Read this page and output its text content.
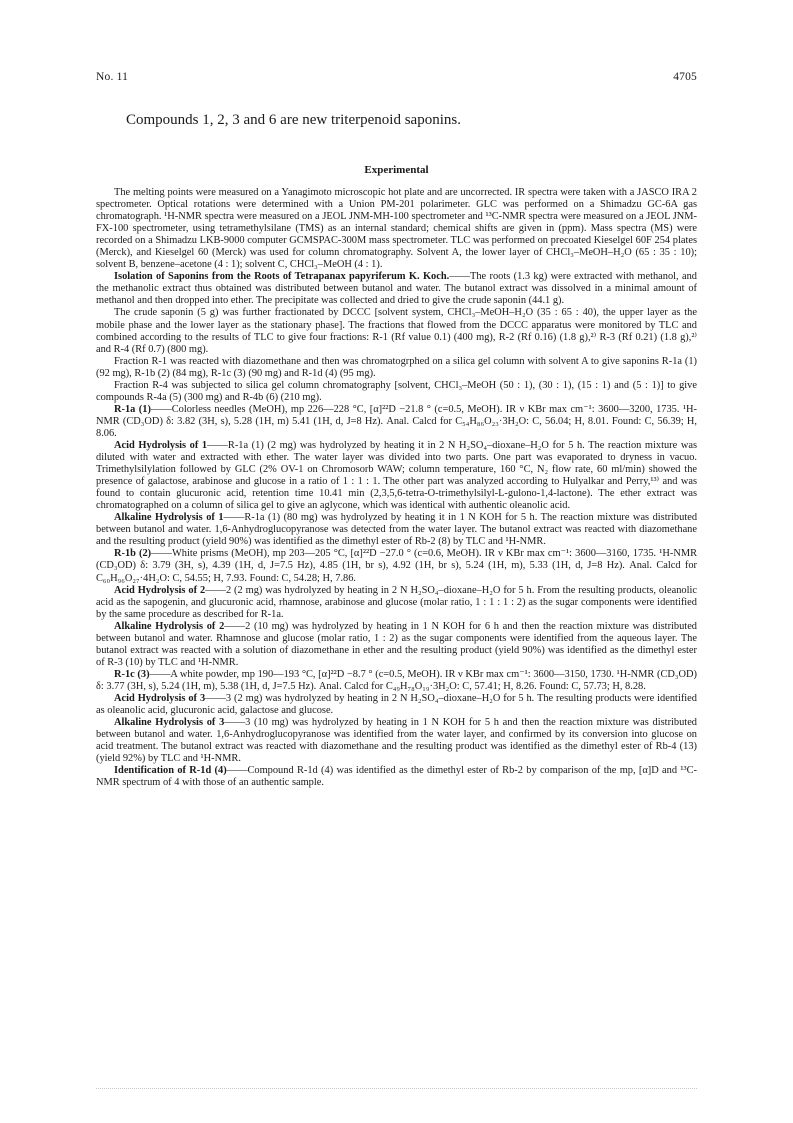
No. 11	4705
Compounds 1, 2, 3 and 6 are new triterpenoid saponins.
Experimental

The melting points were measured on a Yanagimoto microscopic hot plate and are uncorrected. IR spectra were taken with a JASCO IRA 2 spectrometer. Optical rotations were determined with a Union PM-201 polarimeter. GLC was performed on a Shimadzu GC-6A gas chromatograph. ¹H-NMR spectra were measured on a JEOL JNM-MH-100 spectrometer and ¹³C-NMR spectra were measured on a JEOL JNM-FX-100 spectrometer, using tetramethylsilane (TMS) as an internal standard; chemical shifts are given in (ppm). Mass spectra (MS) were recorded on a Shimadzu LKB-9000 computer GCMSPAC-300M mass spectrometer. TLC was performed on precoated Kieselgel 60F 254 plates (Merck), and Kieselgel 60 (Merck) was used for column chromatography. Solvent A, the lower layer of CHCl₃–MeOH–H₂O (65 : 35 : 10); solvent B, benzene–acetone (4 : 1); solvent C, CHCl₃–MeOH (4 : 1).

Isolation of Saponins from the Roots of Tetrapanax papyriferum K. Koch.——The roots (1.3 kg) were extracted with methanol, and the methanolic extract thus obtained was distributed between butanol and water. The butanol extract was dissolved in a minimal amount of methanol and then dropped into ether. The precipitate was collected and dried to give the crude saponin (44.1 g).

The crude saponin (5 g) was further fractionated by DCCC [solvent system, CHCl₃–MeOH–H₂O (35 : 65 : 40), the upper layer as the mobile phase and the lower layer as the stationary phase]. The fractions that flowed from the DCCC apparatus were monitored by TLC and combined according to the results of TLC to give four fractions: R-1 (Rf value 0.1) (400 mg), R-2 (Rf 0.16) (1.8 g),²⁾ R-3 (Rf 0.21) (1.8 g),²⁾ and R-4 (Rf 0.7) (800 mg).

Fraction R-1 was reacted with diazomethane and then was chromatogrphed on a silica gel column with solvent A to give saponins R-1a (1) (92 mg), R-1b (2) (84 mg), R-1c (3) (90 mg) and R-1d (4) (95 mg).

Fraction R-4 was subjected to silica gel column chromatography [solvent, CHCl₃–MeOH (50 : 1), (30 : 1), (15 : 1) and (5 : 1)] to give compounds R-4a (5) (300 mg) and R-4b (6) (210 mg).

R-1a (1)——Colorless needles (MeOH), mp 226—228 °C, [α]²²D −21.8 ° (c=0.5, MeOH). IR ν KBr max cm⁻¹: 3600—3200, 1735. ¹H-NMR (CD₃OD) δ: 3.82 (3H, s), 5.28 (1H, m) 5.41 (1H, d, J=8 Hz). Anal. Calcd for C₅₄H₈₆O₂₃·3H₂O: C, 56.04; H, 8.01. Found: C, 56.39; H, 8.06.

Acid Hydrolysis of 1——R-1a (1) (2 mg) was hydrolyzed by heating it in 2 N H₂SO₄–dioxane–H₂O for 5 h. The reaction mixture was diluted with water and extracted with ether. The water layer was divided into two parts. One part was evaporated to dryness in vacuo. Trimethylsilylation followed by GLC (2% OV-1 on Chromosorb WAW; column temperature, 160 °C, N₂ flow rate, 60 ml/min) showed the presence of galactose, arabinose and glucose in a ratio of 1 : 1 : 1. The other part was analyzed according to Hulyalkar and Perry,¹³⁾ and was found to contain glucuronic acid, retention time 10.41 min (2,3,5,6-tetra-O-trimethylsilyl-L-gulono-1,4-lactone). The ether extract was chromatographed on a column of silica gel to give an aglycone, which was identical with authentic oleanolic acid.

Alkaline Hydrolysis of 1——R-1a (1) (80 mg) was hydrolyzed by heating it in 1 N KOH for 5 h. The reaction mixture was distributed between butanol and water. 1,6-Anhydroglucopyranose was detected from the water layer. The butanol extract was reacted with diazomethane and the resulting product (yield 90%) was identified as the dimethyl ester of Rb-2 (8) by TLC and ¹H-NMR.

R-1b (2)——White prisms (MeOH), mp 203—205 °C, [α]²²D −27.0 ° (c=0.6, MeOH). IR ν KBr max cm⁻¹: 3600—3160, 1735. ¹H-NMR (CD₃OD) δ: 3.79 (3H, s), 4.39 (1H, d, J=7.5 Hz), 4.85 (1H, br s), 4.92 (1H, br s), 5.24 (1H, m), 5.33 (1H, d, J=8 Hz). Anal. Calcd for C₆₀H₉₆O₂₇·4H₂O: C, 54.55; H, 7.93. Found: C, 54.28; H, 7.86.

Acid Hydrolysis of 2——2 (2 mg) was hydrolyzed by heating in 2 N H₂SO₄–dioxane–H₂O for 5 h. From the resulting products, oleanolic acid as the sapogenin, and glucuronic acid, rhamnose, arabinose and glucose (molar ratio, 1 : 1 : 1 : 2) as the sugar components were identified by the same procedure as described for R-1a.

Alkaline Hydrolysis of 2——2 (10 mg) was hydrolyzed by heating in 1 N KOH for 6 h and then the reaction mixture was distributed between butanol and water. Rhamnose and glucose (molar ratio, 1 : 2) as the sugar components were identified from the aqueous layer. The butanol extract was reacted with a solution of diazomethane in ether and the resulting product (yield 90%) was identified as the dimethyl ester of R-3 (10) by TLC and ¹H-NMR.

R-1c (3)——A white powder, mp 190—193 °C, [α]²²D −8.7 ° (c=0.5, MeOH). IR ν KBr max cm⁻¹: 3600—3150, 1730. ¹H-NMR (CD₃OD) δ: 3.77 (3H, s), 5.24 (1H, m), 5.38 (1H, d, J=7.5 Hz). Anal. Calcd for C₄₉H₇₈O₁₉·3H₂O: C, 57.41; H, 8.26. Found: C, 57.73; H, 8.28.

Acid Hydrolysis of 3——3 (2 mg) was hydrolyzed by heating in 2 N H₂SO₄–dioxane–H₂O for 5 h. The resulting products were identified as oleanolic acid, glucuronic acid, galactose and glucose.

Alkaline Hydrolysis of 3——3 (10 mg) was hydrolyzed by heating in 1 N KOH for 5 h and then the reaction mixture was distributed between butanol and water. 1,6-Anhydroglucopyranose was identified from the water layer, and confirmed by its conversion into glucose on acid treatment. The butanol extract was reacted with diazomethane and the resulting product was identified as the dimethyl ester of Rb-4 (13) (yield 92%) by TLC and ¹H-NMR.

Identification of R-1d (4)——Compound R-1d (4) was identified as the dimethyl ester of Rb-2 by comparison of the mp, [α]D and ¹³C-NMR spectrum of 4 with those of an authentic sample.
